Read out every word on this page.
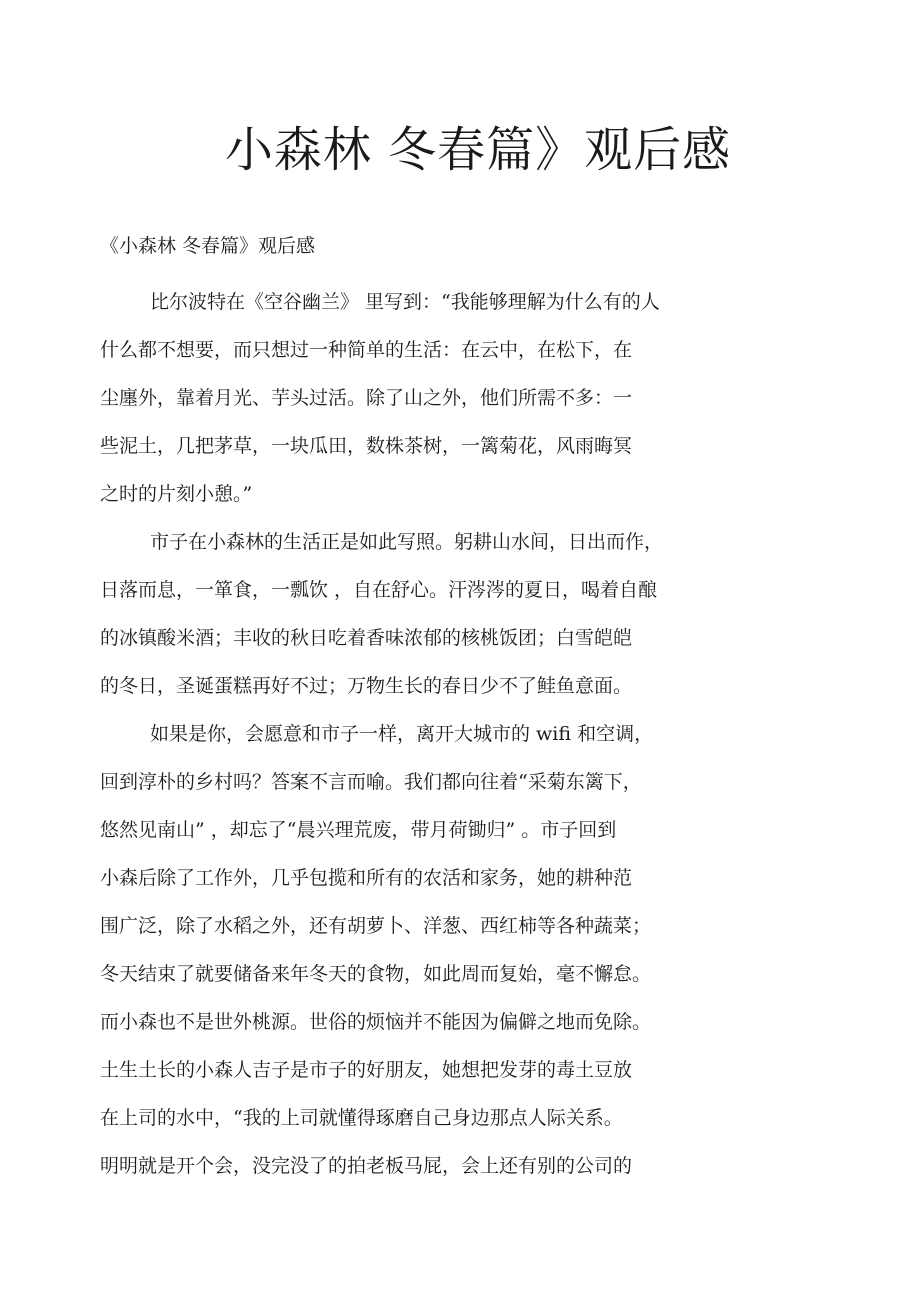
小森林 冬春篇》观后感
《小森林 冬春篇》观后感
比尔波特在《空谷幽兰》 里写到：“我能够理解为什么有的人
什么都不想要，而只想过一种简单的生活：在云中，在松下，在
尘廛外，靠着月光、芋头过活。除了山之外，他们所需不多：一
些泥土，几把茅草，一块瓜田，数株茶树，一篱菊花，风雨晦冥
之时的片刻小憩。”
市子在小森林的生活正是如此写照。躬耕山水间，日出而作，
日落而息，一箪食，一瓢饮 ，自在舒心。汗涔涔的夏日，喝着自酿
的冰镇酸米酒；丰收的秋日吃着香味浓郁的核桃饭团；白雪皑皑
的冬日，圣诞蛋糕再好不过；万物生长的春日少不了鲑鱼意面。
如果是你，会愿意和市子一样，离开大城市的 wifi 和空调，
回到淳朴的乡村吗？答案不言而喻。我们都向往着“采菊东篱下，
悠然见南山” ，却忘了“晨兴理荒废，带月荷锄归” 。市子回到
小森后除了工作外，几乎包揽和所有的农活和家务，她的耕种范
围广泛，除了水稻之外，还有胡萝卜、洋葱、西红柿等各种蔬菜；
冬天结束了就要储备来年冬天的食物，如此周而复始，毫不懈怠。
而小森也不是世外桃源。世俗的烦恼并不能因为偏僻之地而免除。
土生土长的小森人吉子是市子的好朋友，她想把发芽的毒土豆放
在上司的水中，“我的上司就懂得琢磨自己身边那点人际关系。
明明就是开个会，没完没了的拍老板马屁，会上还有别的公司的
